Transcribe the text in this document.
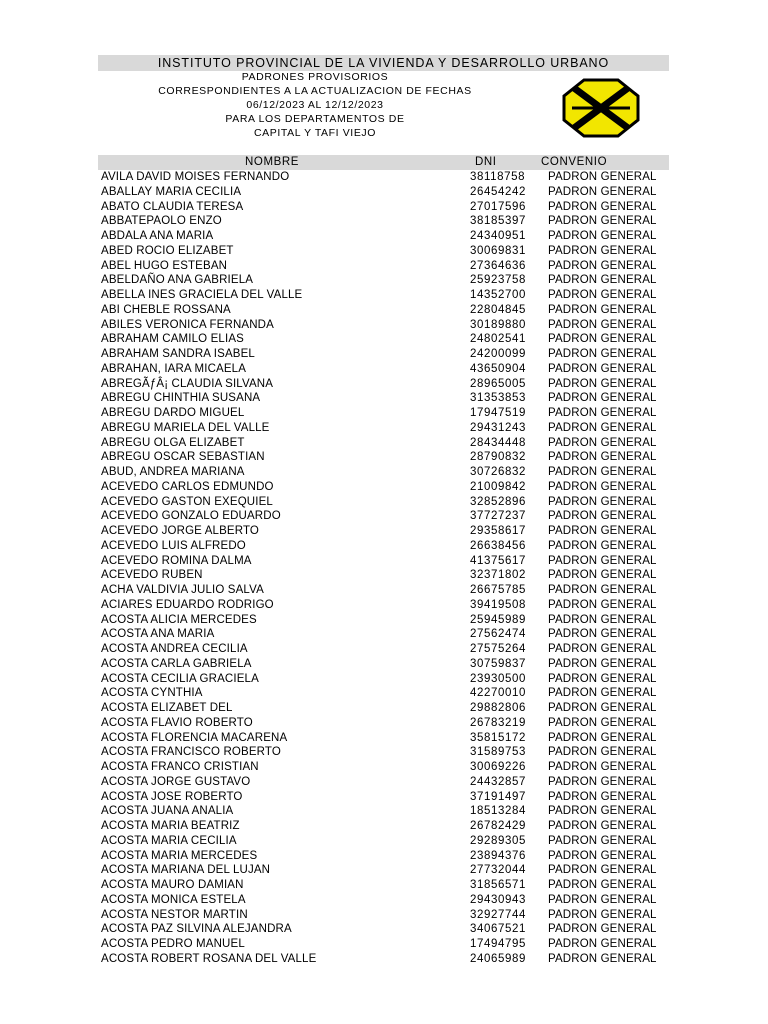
INSTITUTO PROVINCIAL DE LA VIVIENDA Y DESARROLLO URBANO
PADRONES PROVISORIOS
CORRESPONDIENTES A LA ACTUALIZACION DE FECHAS
06/12/2023 AL 12/12/2023
PARA LOS DEPARTAMENTOS DE
CAPITAL Y TAFI VIEJO
NOMBRE	DNI	CONVENIO
AVILA DAVID MOISES FERNANDO	38118758 PADRON GENERAL
ABALLAY MARIA CECILIA	26454242 PADRON GENERAL
ABATO CLAUDIA TERESA	27017596 PADRON GENERAL
ABBATEPAOLO ENZO	38185397 PADRON GENERAL
ABDALA ANA MARIA	24340951 PADRON GENERAL
ABED ROCIO ELIZABET	30069831 PADRON GENERAL
ABEL HUGO ESTEBAN	27364636 PADRON GENERAL
ABELDAÑO ANA GABRIELA	25923758 PADRON GENERAL
ABELLA INES GRACIELA DEL VALLE	14352700 PADRON GENERAL
ABI CHEBLE ROSSANA	22804845 PADRON GENERAL
ABILES VERONICA FERNANDA	30189880 PADRON GENERAL
ABRAHAM CAMILO ELIAS	24802541 PADRON GENERAL
ABRAHAM SANDRA ISABEL	24200099 PADRON GENERAL
ABRAHAN, IARA MICAELA	43650904 PADRON GENERAL
ABREGÃƒÂ¡ CLAUDIA SILVANA	28965005 PADRON GENERAL
ABREGU CHINTHIA SUSANA	31353853 PADRON GENERAL
ABREGU DARDO MIGUEL	17947519 PADRON GENERAL
ABREGU MARIELA DEL VALLE	29431243 PADRON GENERAL
ABREGU OLGA ELIZABET	28434448 PADRON GENERAL
ABREGU OSCAR SEBASTIAN	28790832 PADRON GENERAL
ABUD, ANDREA MARIANA	30726832 PADRON GENERAL
ACEVEDO CARLOS EDMUNDO	21009842 PADRON GENERAL
ACEVEDO GASTON EXEQUIEL	32852896 PADRON GENERAL
ACEVEDO GONZALO EDUARDO	37727237 PADRON GENERAL
ACEVEDO JORGE ALBERTO	29358617 PADRON GENERAL
ACEVEDO LUIS ALFREDO	26638456 PADRON GENERAL
ACEVEDO ROMINA DALMA	41375617 PADRON GENERAL
ACEVEDO RUBEN	32371802 PADRON GENERAL
ACHA VALDIVIA JULIO SALVA	26675785 PADRON GENERAL
ACIARES EDUARDO RODRIGO	39419508 PADRON GENERAL
ACOSTA ALICIA MERCEDES	25945989 PADRON GENERAL
ACOSTA ANA MARIA	27562474 PADRON GENERAL
ACOSTA ANDREA CECILIA	27575264 PADRON GENERAL
ACOSTA CARLA GABRIELA	30759837 PADRON GENERAL
ACOSTA CECILIA GRACIELA	23930500 PADRON GENERAL
ACOSTA CYNTHIA	42270010 PADRON GENERAL
ACOSTA ELIZABET DEL	29882806 PADRON GENERAL
ACOSTA FLAVIO ROBERTO	26783219 PADRON GENERAL
ACOSTA FLORENCIA MACARENA	35815172 PADRON GENERAL
ACOSTA FRANCISCO ROBERTO	31589753 PADRON GENERAL
ACOSTA FRANCO CRISTIAN	30069226 PADRON GENERAL
ACOSTA JORGE GUSTAVO	24432857 PADRON GENERAL
ACOSTA JOSE ROBERTO	37191497 PADRON GENERAL
ACOSTA JUANA ANALIA	18513284 PADRON GENERAL
ACOSTA MARIA BEATRIZ	26782429 PADRON GENERAL
ACOSTA MARIA CECILIA	29289305 PADRON GENERAL
ACOSTA MARIA MERCEDES	23894376 PADRON GENERAL
ACOSTA MARIANA DEL LUJAN	27732044 PADRON GENERAL
ACOSTA MAURO DAMIAN	31856571 PADRON GENERAL
ACOSTA MONICA ESTELA	29430943 PADRON GENERAL
ACOSTA NESTOR MARTIN	32927744 PADRON GENERAL
ACOSTA PAZ SILVINA ALEJANDRA	34067521 PADRON GENERAL
ACOSTA PEDRO MANUEL	17494795 PADRON GENERAL
ACOSTA ROBERT ROSANA DEL VALLE	24065989 PADRON GENERAL
